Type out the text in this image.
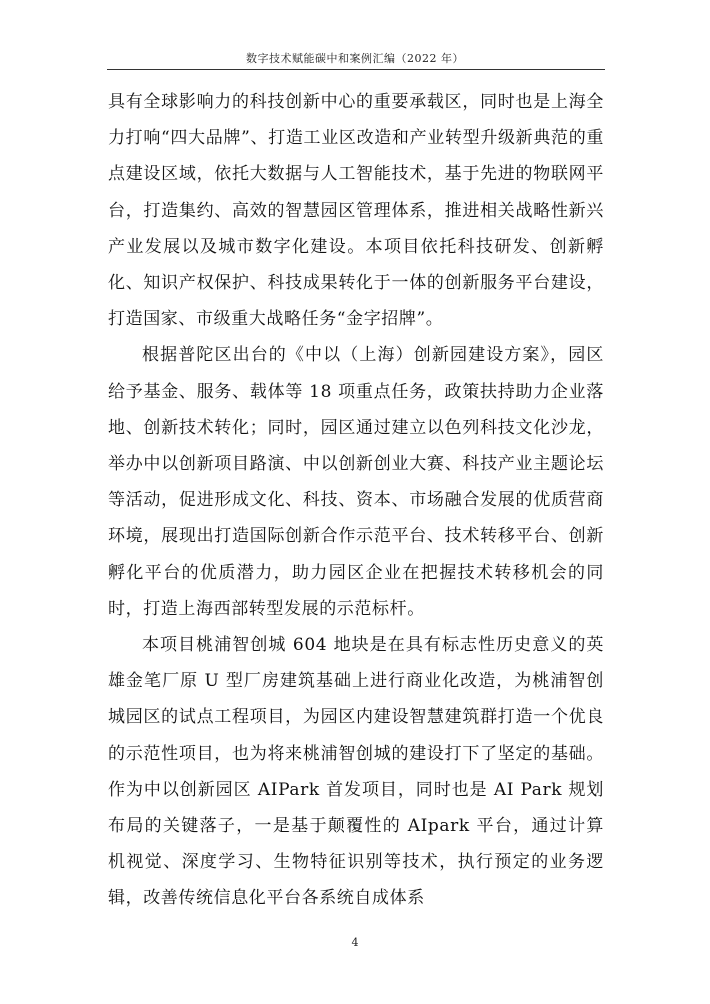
数字技术赋能碳中和案例汇编（2022 年）

具有全球影响力的科技创新中心的重要承载区，同时也是上海全力打响“四大品牌”、打造工业区改造和产业转型升级新典范的重点建设区域，依托大数据与人工智能技术，基于先进的物联网平台，打造集约、高效的智慧园区管理体系，推进相关战略性新兴产业发展以及城市数字化建设。本项目依托科技研发、创新孵化、知识产权保护、科技成果转化于一体的创新服务平台建设，打造国家、市级重大战略任务“金字招牌”。

根据普陀区出台的《中以（上海）创新园建设方案》，园区给予基金、服务、载体等 18 项重点任务，政策扶持助力企业落地、创新技术转化；同时，园区通过建立以色列科技文化沙龙，举办中以创新项目路演、中以创新创业大赛、科技产业主题论坛等活动，促进形成文化、科技、资本、市场融合发展的优质营商环境，展现出打造国际创新合作示范平台、技术转移平台、创新孵化平台的优质潜力，助力园区企业在把握技术转移机会的同时，打造上海西部转型发展的示范标杆。

本项目桃浦智创城 604 地块是在具有标志性历史意义的英雄金笔厂原 U 型厂房建筑基础上进行商业化改造，为桃浦智创城园区的试点工程项目，为园区内建设智慧建筑群打造一个优良的示范性项目，也为将来桃浦智创城的建设打下了坚定的基础。作为中以创新园区 AIPark 首发项目，同时也是 AI Park 规划布局的关键落子，一是基于颠覆性的 AIpark 平台，通过计算机视觉、深度学习、生物特征识别等技术，执行预定的业务逻辑，改善传统信息化平台各系统自成体系

4
